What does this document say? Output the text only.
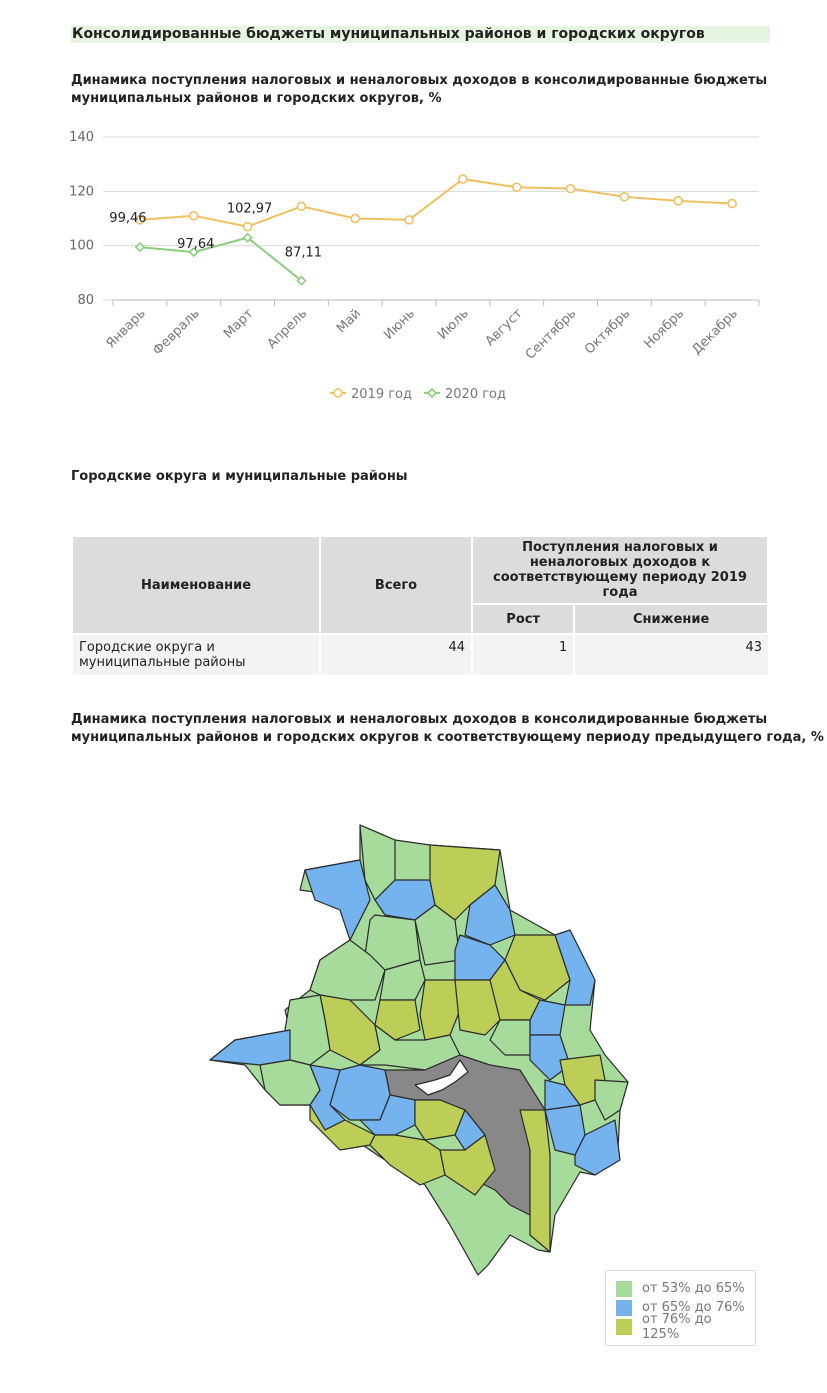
Консолидированные бюджеты муниципальных районов и городских округов
Динамика поступления налоговых и неналоговых доходов в консолидированные бюджеты
муниципальных районов и городских округов, %
80
100
120
140
Январь Февраль Март Апрель Май Июнь Июль Август
Сентябрь Октябрь Ноябрь Декабрь
99,46
97,64
102,97
87,11
2019 год	2020 год
Городские округа и муниципальные районы
Наименование	Всего	Поступления налоговых и неналоговых доходов к соответствующему периоду 2019 года	
		Рост	Снижение
Городские округа и муниципальные районы	44	1	43
Динамика поступления налоговых и неналоговых доходов в консолидированные бюджеты
муниципальных районов и городских округов к соответствующему периоду предыдущего года, %
от 53% до 65%
от 65% до 76%
от 76% до 125%
